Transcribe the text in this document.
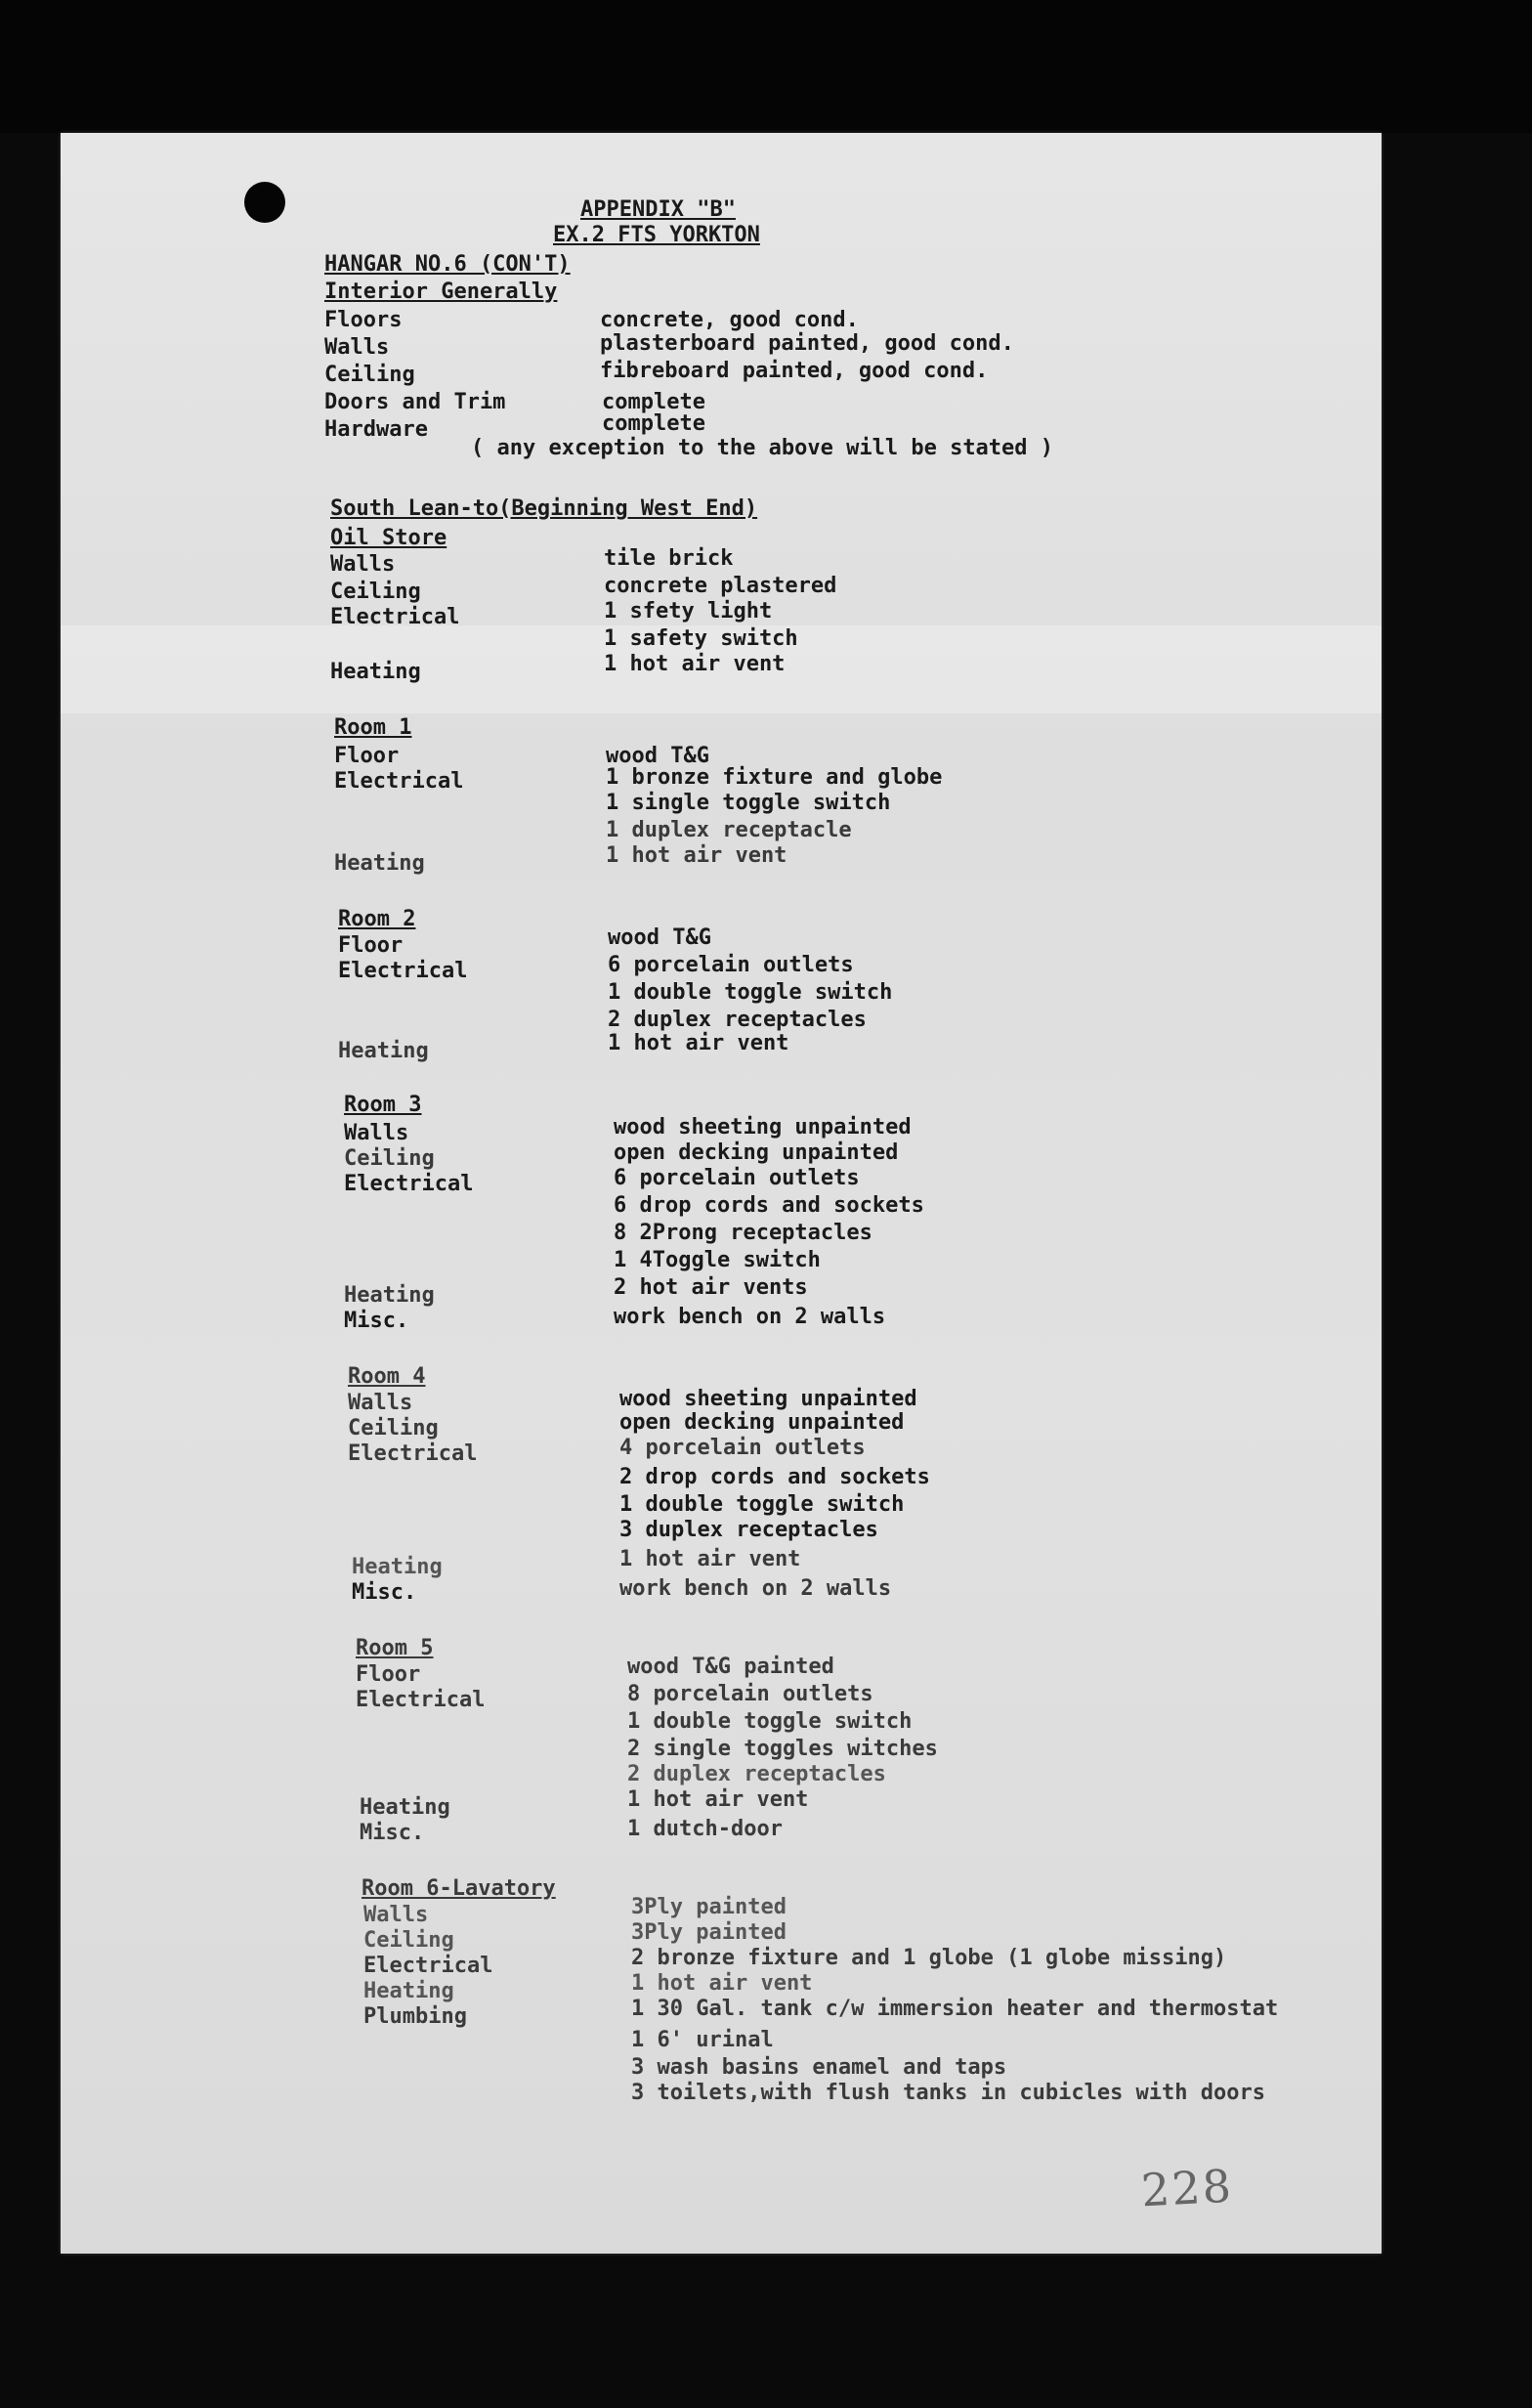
APPENDIX "B"
EX.2 FTS YORKTON
HANGAR NO.6 (CON'T)
Interior Generally
Floors	concrete, good cond.
Walls	plasterboard painted, good cond.
Ceiling	fibreboard painted, good cond.
Doors and Trim	complete
Hardware	complete
( any exception to the above will be stated )
South Lean-to(Beginning West End)
Oil Store
Walls	tile brick
Ceiling	concrete plastered
Electrical	1 sfety light
1 safety switch
Heating	1 hot air vent
Room 1
Floor	wood T&G
Electrical	1 bronze fixture and globe
1 single toggle switch
1 duplex receptacle
Heating	1 hot air vent
Room 2
Floor	wood T&G
Electrical	6 porcelain outlets
1 double toggle switch
2 duplex receptacles
Heating	1 hot air vent
Room 3
Walls	wood sheeting unpainted
Ceiling	open decking unpainted
Electrical	6 porcelain outlets
6 drop cords and sockets
8 2Prong receptacles
1 4Toggle switch
Heating	2 hot air vents
Misc.	work bench on 2 walls
Room 4
Walls	wood sheeting unpainted
Ceiling	open decking unpainted
Electrical	4 porcelain outlets
2 drop cords and sockets
1 double toggle switch
3 duplex receptacles
Heating	1 hot air vent
Misc.	work bench on 2 walls
Room 5
Floor	wood T&G painted
Electrical	8 porcelain outlets
1 double toggle switch
2 single toggles witches
2 duplex receptacles
Heating	1 hot air vent
Misc.	1 dutch-door
Room 6-Lavatory
Walls	3Ply painted
Ceiling	3Ply painted
Electrical	2 bronze fixture and 1 globe (1 globe missing)
Heating	1 hot air vent
Plumbing	1 30 Gal. tank c/w immersion heater and thermostat
1 6' urinal
3 wash basins enamel and taps
3 toilets,with flush tanks in cubicles with doors
228
